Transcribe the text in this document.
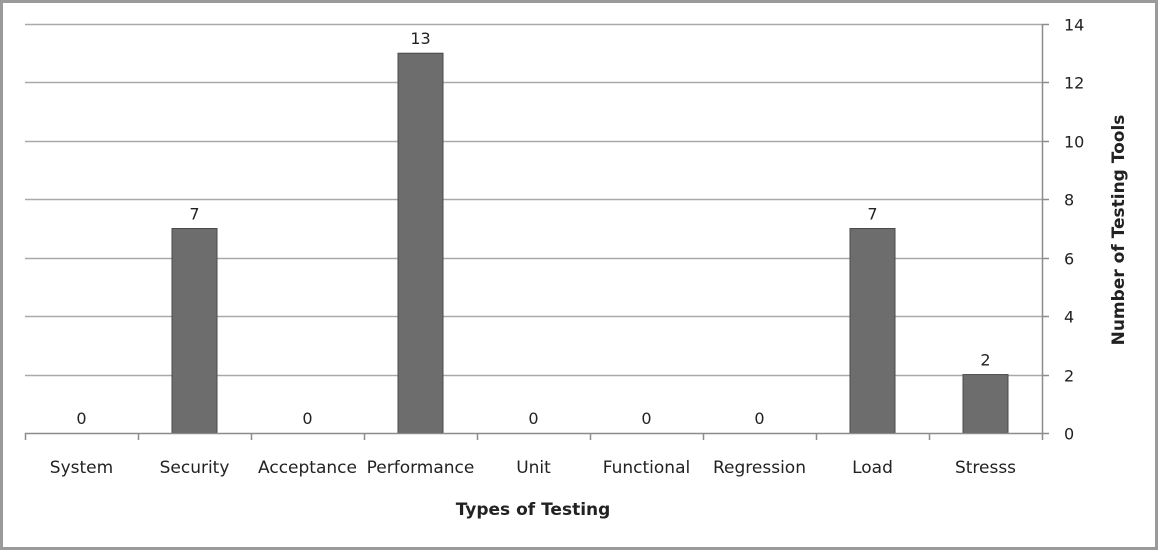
0
2
4
6
8
10
12
14
0
System
7
Security
0
Acceptance
13
Performance
0
Unit
0
Functional
0
Regression
7
Load
2
Stresss
Types of Testing
Number of Testing Tools
